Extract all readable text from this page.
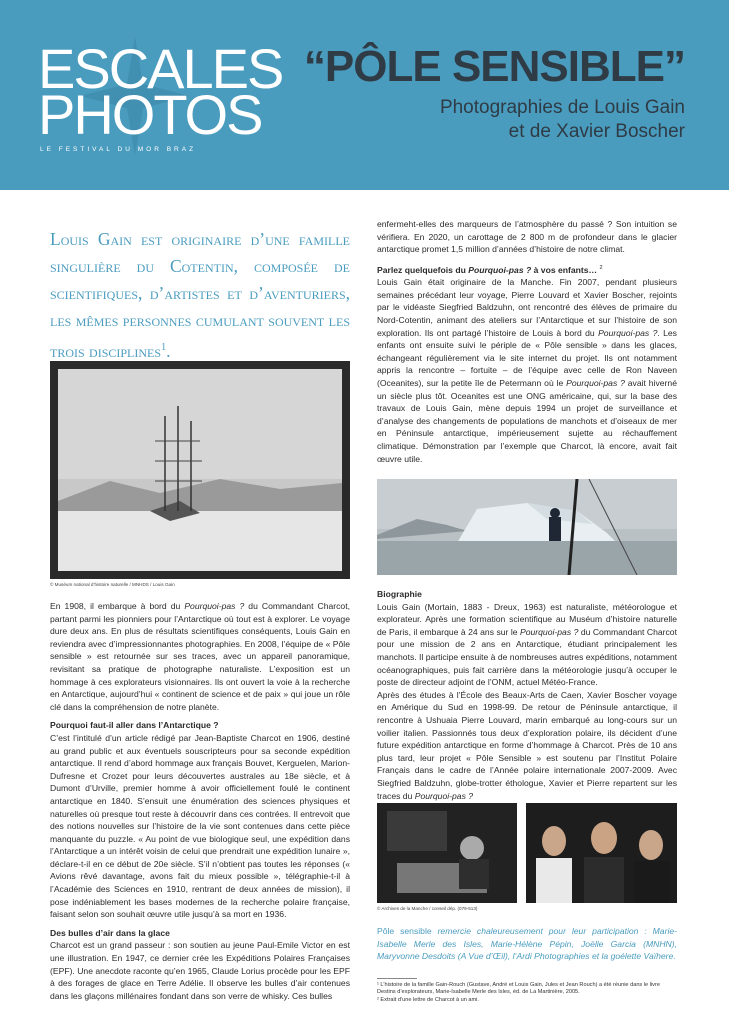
ESCALES
PHOTOS
LE FESTIVAL DU MOR BRAZ
“PÔLE SENSIBLE”
Photographies de Louis Gain
et de Xavier Boscher
Louis Gain est originaire d’une famille singulière du Cotentin, composée de scientifiques, d’artistes et d’aventuriers, les mêmes personnes cumulant souvent les trois disciplines$^1$.
© Muséum national d’histoire naturelle / MNHDS / Louis Gain

En 1908, il embarque à bord du Pourquoi-pas ? du Commandant Charcot, partant parmi les pionniers pour l’Antarctique où tout est à explorer. Le voyage dure deux ans. En plus de résultats scientifiques conséquents, Louis Gain en reviendra avec d’impressionnantes photographies. En 2008, l’équipe de « Pôle sensible » est retournée sur ses traces, avec un appareil panoramique, revisitant sa pratique de photographe naturaliste. L’exposition est un hommage à ces explorateurs visionnaires. Ils ont ouvert la voie à la recherche en Antarctique, aujourd’hui « continent de science et de paix » qui joue un rôle clé dans la compréhension de notre planète.

Pourquoi faut-il aller dans l’Antarctique ?

C’est l’intitulé d’un article rédigé par Jean-Baptiste Charcot en 1906, destiné au grand public et aux éventuels souscripteurs pour sa seconde expédition antarctique. Il rend d’abord hommage aux français Bouvet, Kerguelen, Marion-Dufresne et Crozet pour leurs découvertes australes au 18e siècle, et à Dumont d’Urville, premier homme à avoir officiellement foulé le continent antarctique en 1840. S’ensuit une énumération des sciences physiques et naturelles où presque tout reste à découvrir dans ces contrées. Il entrevoit que des notions nouvelles sur l’histoire de la vie sont contenues dans cette pièce manquante du puzzle. « Au point de vue biologique seul, une expédition dans l’Antarctique a un intérêt voisin de celui que prendrait une expédition lunaire », déclare-t-il en ce début de 20e siècle. S’il n’obtient pas toutes les réponses (« Avions rêvé davantage, avons fait du mieux possible », télégraphie-t-il à l’Académie des Sciences en 1910, rentrant de deux années de mission), il pose indéniablement les bases modernes de la recherche polaire française, faisant selon son souhait œuvre utile jusqu’à sa mort en 1936.

Des bulles d’air dans la glace

Charcot est un grand passeur : son soutien au jeune Paul-Emile Victor en est une illustration. En 1947, ce dernier crée les Expéditions Polaires Françaises (EPF). Une anecdote raconte qu’en 1965, Claude Lorius procède pour les EPF à des forages de glace en Terre Adélie. Il observe les bulles d’air contenues dans les glaçons millénaires fondant dans son verre de whisky. Ces bulles

enfermeht-elles des marqueurs de l’atmosphère du passé ? Son intuition se vérifiera. En 2020, un carottage de 2 800 m de profondeur dans le glacier antarctique promet 1,5 million d’années d’histoire de notre climat.

Parlez quelquefois du Pourquoi-pas ? à vos enfants… $^2$

Louis Gain était originaire de la Manche. Fin 2007, pendant plusieurs semaines précédant leur voyage, Pierre Louvard et Xavier Boscher, rejoints par le vidéaste Siegfried Baldzuhn, ont rencontré des élèves de primaire du Nord-Cotentin, animant des ateliers sur l’Antarctique et sur l’histoire de son exploration. Ils ont partagé l’histoire de Louis à bord du Pourquoi-pas ?. Les enfants ont ensuite suivi le périple de « Pôle sensible » dans les glaces, échangeant régulièrement via le site internet du projet. Ils ont notamment appris la rencontre – fortuite – de l’équipe avec celle de Ron Naveen (Oceanites), sur la petite île de Petermann où le Pourquoi-pas ? avait hiverné un siècle plus tôt. Oceanites est une ONG américaine, qui, sur la base des travaux de Louis Gain, mène depuis 1994 un projet de surveillance et d’analyse des changements de populations de manchots et d’oiseaux de mer en Péninsule antarctique, impérieusement sujette au réchauffement climatique. Démonstration par l’exemple que Charcot, là encore, avait fait œuvre utile.

Biographie

Louis Gain (Mortain, 1883 - Dreux, 1963) est naturaliste, météorologue et explorateur. Après une formation scientifique au Muséum d’histoire naturelle de Paris, il embarque à 24 ans sur le Pourquoi-pas ? du Commandant Charcot pour une mission de 2 ans en Antarctique, étudiant principalement les manchots. Il participe ensuite à de nombreuses autres expéditions, notamment océanographiques, puis fait carrière dans la météorologie jusqu’à occuper le poste de directeur adjoint de l’ONM, actuel Météo-France.

Après des études à l’École des Beaux-Arts de Caen, Xavier Boscher voyage en Amérique du Sud en 1998-99. De retour de Péninsule antarctique, il rencontre à Ushuaia Pierre Louvard, marin embarqué au long-cours sur un voilier italien. Passionnés tous deux d’exploration polaire, ils décident d’une future expédition antarctique en forme d’hommage à Charcot. Près de 10 ans plus tard, leur projet « Pôle Sensible » est soutenu par l’Institut Polaire Français dans le cadre de l’Année polaire internationale 2007-2009. Avec Siegfried Baldzuhn, globe-trotter éthologue, Xavier et Pierre repartent sur les traces du Pourquoi-pas ?

© Archives de la Manche / conseil dép. (079-513)
Pôle sensible remercie chaleureusement pour leur participation : Marie-Isabelle Merle des Isles, Marie-Hélène Pépin, Joëlle Garcia (MNHN), Maryvonne Desdoits (A Vue d’Œil), l’Ardi Photographies et la goélette Vaïhere.
¹ L’histoire de la famille Gain-Rouch (Gustave, André et Louis Gain, Jules et Jean Rouch) a été réunie dans le livre Destins d’explorateurs, Marie-Isabelle Merle des Isles, éd. de La Martinière, 2005.
² Extrait d’une lettre de Charcot à un ami.
